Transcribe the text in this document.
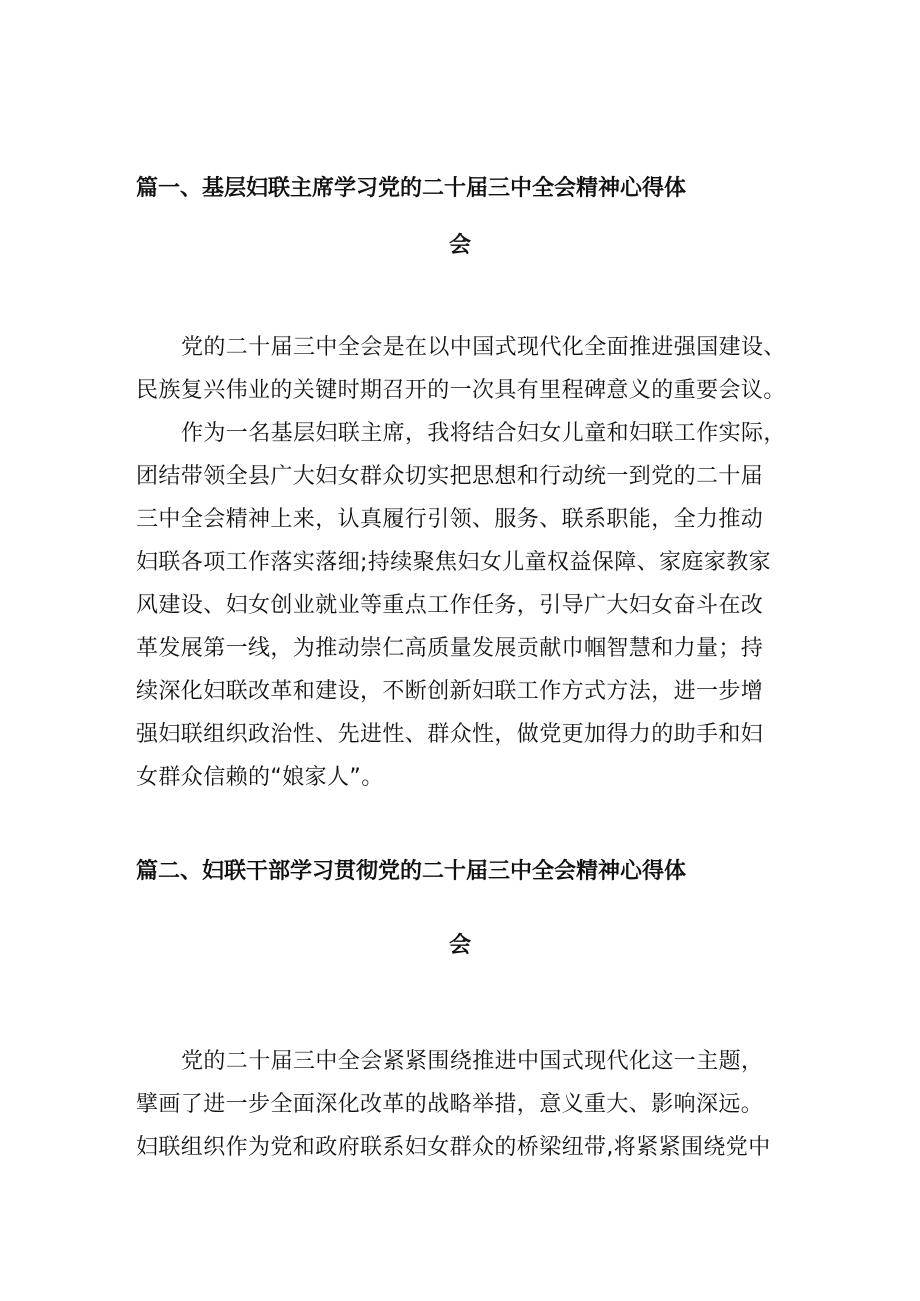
篇一、基层妇联主席学习党的二十届三中全会精神心得体
会

党的二十届三中全会是在以中国式现代化全面推进强国建设、

民族复兴伟业的关键时期召开的一次具有里程碑意义的重要会议。

作为一名基层妇联主席，我将结合妇女儿童和妇联工作实际，

团结带领全县广大妇女群众切实把思想和行动统一到党的二十届

三中全会精神上来，认真履行引领、服务、联系职能，全力推动

妇联各项工作落实落细;持续聚焦妇女儿童权益保障、家庭家教家

风建设、妇女创业就业等重点工作任务，引导广大妇女奋斗在改

革发展第一线，为推动崇仁高质量发展贡献巾帼智慧和力量；持

续深化妇联改革和建设，不断创新妇联工作方式方法，进一步增

强妇联组织政治性、先进性、群众性，做党更加得力的助手和妇

女群众信赖的“娘家人”。

篇二、妇联干部学习贯彻党的二十届三中全会精神心得体
会

党的二十届三中全会紧紧围绕推进中国式现代化这一主题，

擘画了进一步全面深化改革的战略举措，意义重大、影响深远。

妇联组织作为党和政府联系妇女群众的桥梁纽带,将紧紧围绕党中
